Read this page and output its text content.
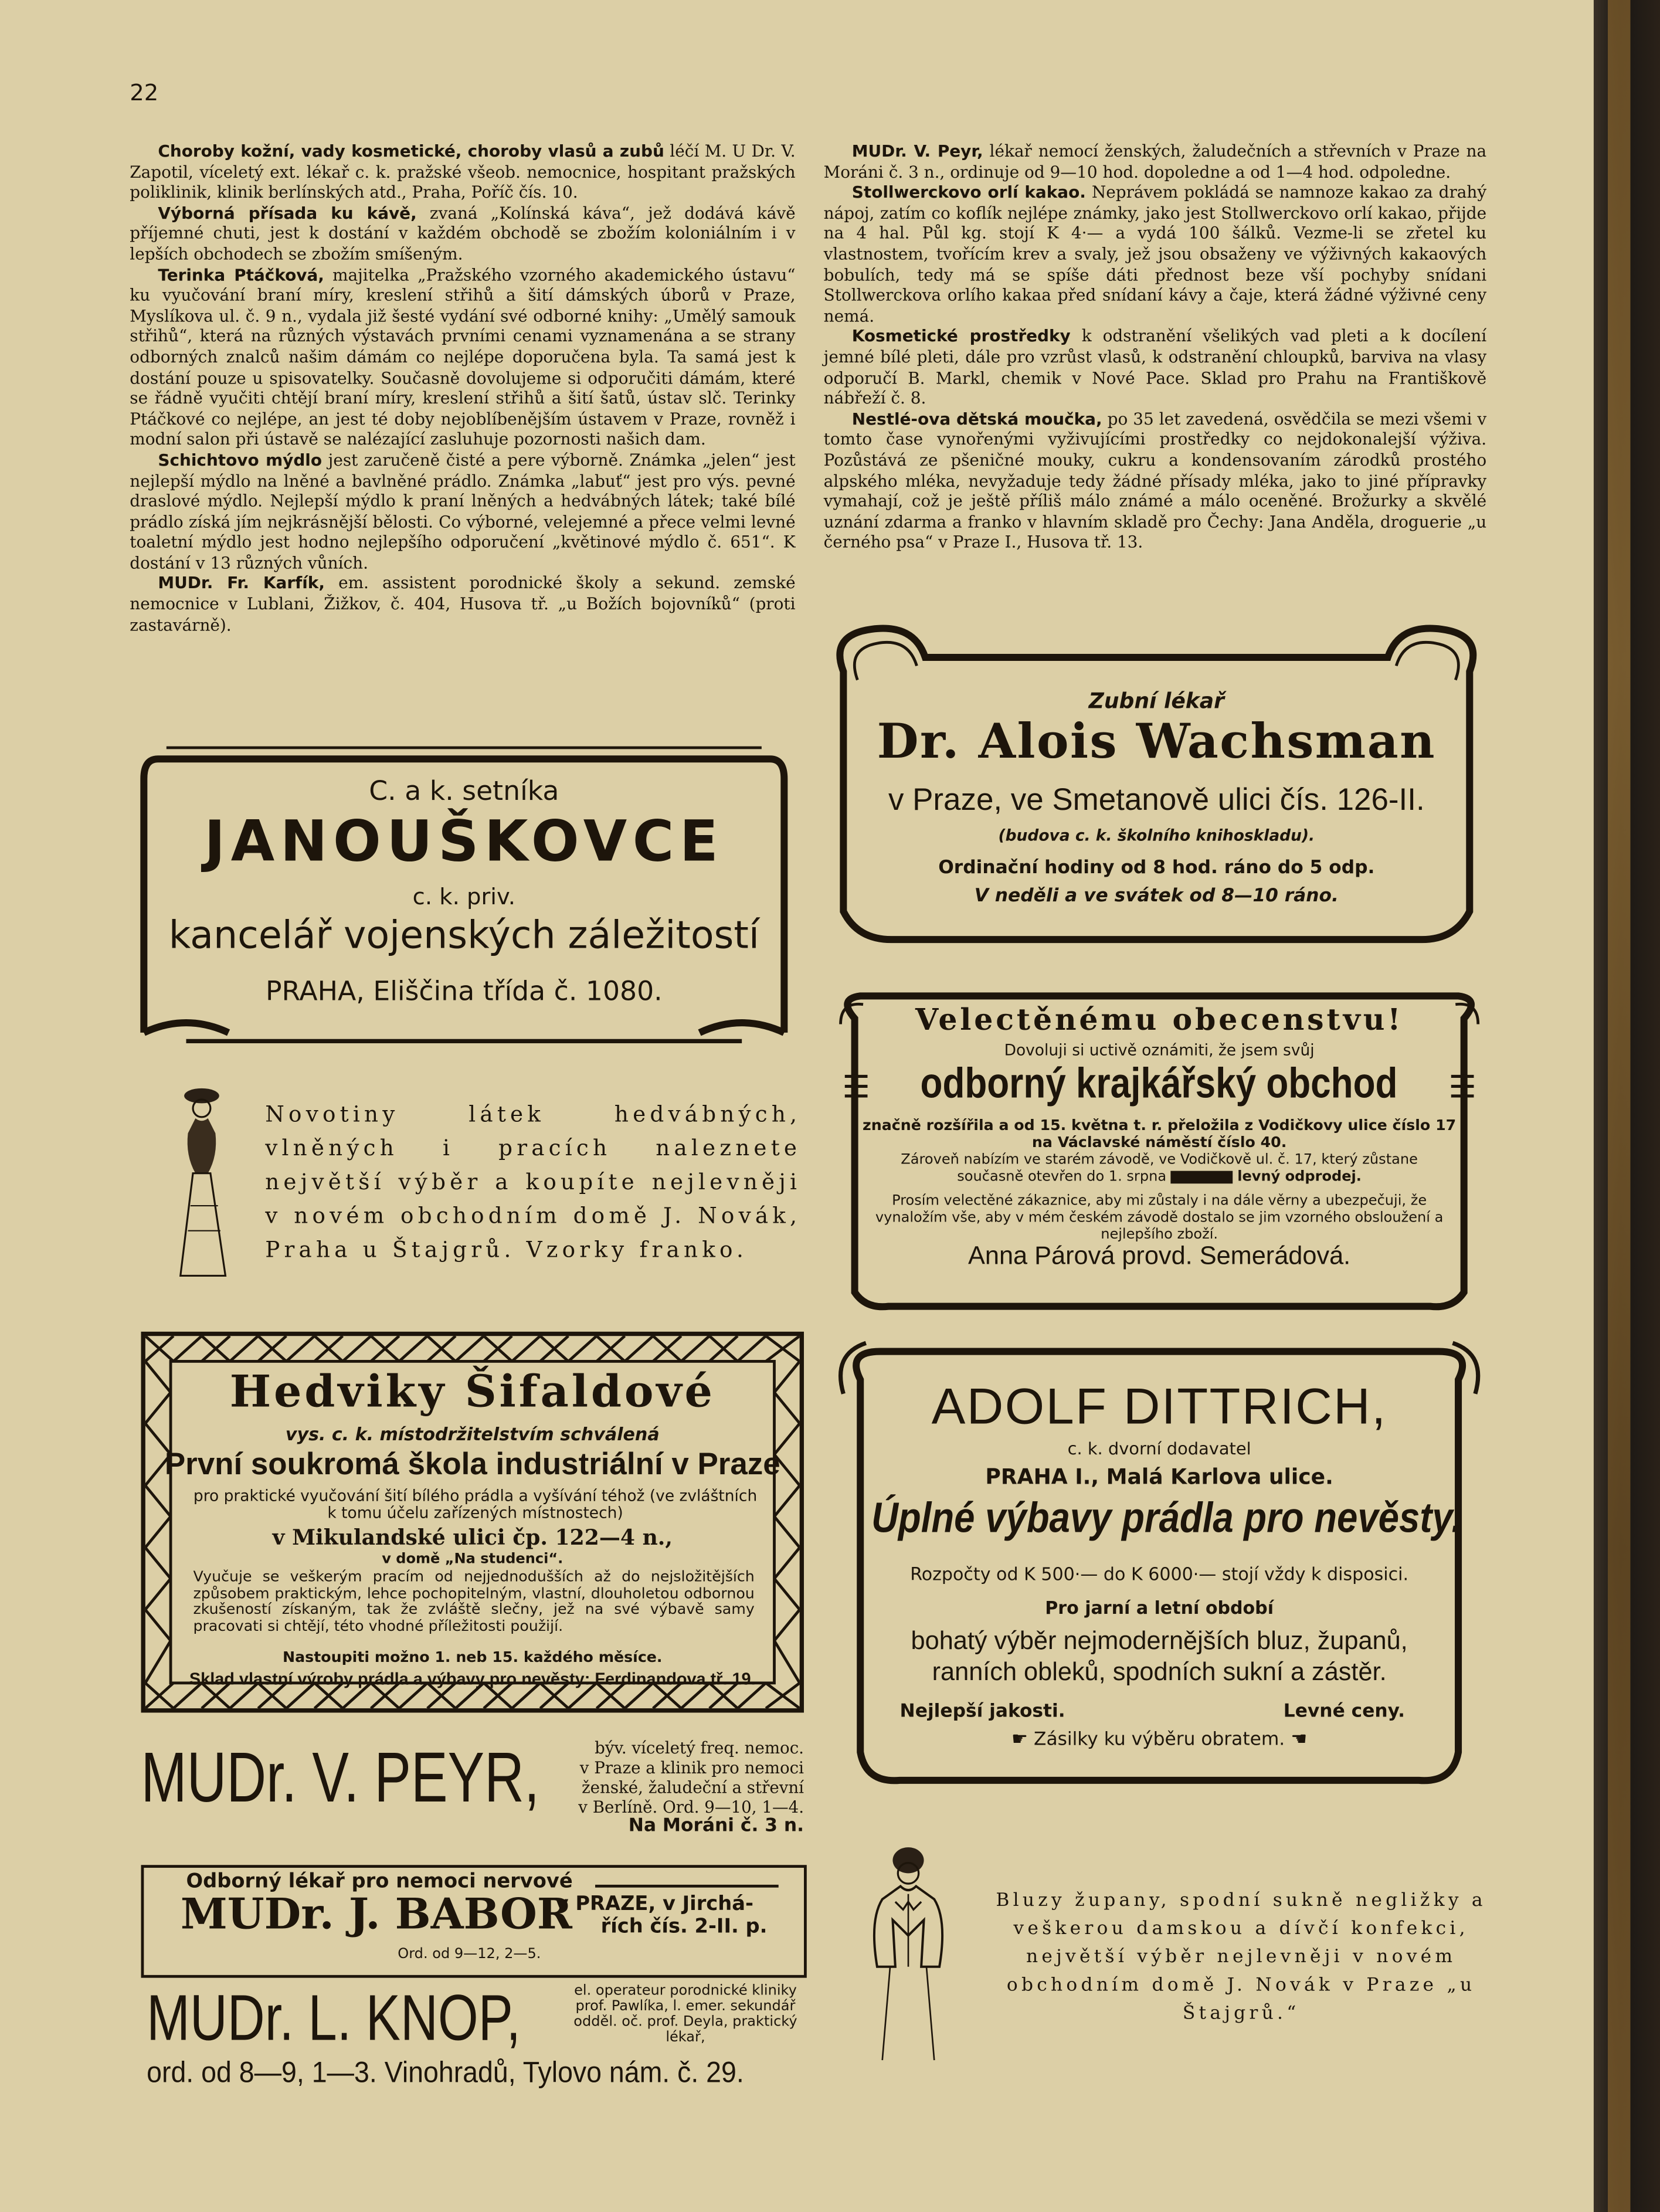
22

Choroby kožní, vady kosmetické, choroby vlasů a zubů léčí M. U Dr. V. Zapotil, víceletý ext. lékař c. k. pražské všeob. nemocnice, hospitant pražských poliklinik, klinik berlínských atd., Praha, Poříč čís. 10.

Výborná přísada ku kávě, zvaná „Kolínská káva“, jež dodává kávě příjemné chuti, jest k dostání v každém obchodě se zbožím koloniálním i v lepších obchodech se zbožím smíšeným.

Terinka Ptáčková, majitelka „Pražského vzorného akademického ústavu“ ku vyučování braní míry, kreslení střihů a šití dámských úborů v Praze, Myslíkova ul. č. 9 n., vydala již šesté vydání své odborné knihy: „Umělý samouk střihů“, která na různých výstavách prvními cenami vyznamenána a se strany odborných znalců našim dámám co nejlépe doporučena byla. Ta samá jest k dostání pouze u spisovatelky. Současně dovolujeme si odporučiti dámám, které se řádně vyučiti chtějí braní míry, kreslení střihů a šití šatů, ústav slč. Terinky Ptáčkové co nejlépe, an jest té doby nejoblíbenějším ústavem v Praze, rovněž i modní salon při ústavě se nalézající zasluhuje pozornosti našich dam.

Schichtovo mýdlo jest zaručeně čisté a pere výborně. Známka „jelen“ jest nejlepší mýdlo na lněné a bavlněné prádlo. Známka „labuť“ jest pro výs. pevné draslové mýdlo. Nejlepší mýdlo k praní lněných a hedvábných látek; také bílé prádlo získá jím nejkrásnější bělosti. Co výborné, velejemné a přece velmi levné toaletní mýdlo jest hodno nejlepšího odporučení „květinové mýdlo č. 651“. K dostání v 13 různých vůních.

MUDr. Fr. Karfík, em. assistent porodnické školy a sekund. zemské nemocnice v Lublani, Žižkov, č. 404, Husova tř. „u Božích bojovníků“ (proti zastavárně).

MUDr. V. Peyr, lékař nemocí ženských, žaludečních a střevních v Praze na Moráni č. 3 n., ordinuje od 9—10 hod. dopoledne a od 1—4 hod. odpoledne.

Stollwerckovo orlí kakao. Neprávem pokládá se namnoze kakao za drahý nápoj, zatím co koflík nejlépe známky, jako jest Stollwerckovo orlí kakao, přijde na 4 hal. Půl kg. stojí K 4·— a vydá 100 šálků. Vezme-li se zřetel ku vlastnostem, tvořícím krev a svaly, jež jsou obsaženy ve výživných kakaových bobulích, tedy má se spíše dáti přednost beze vší pochyby snídani Stollwerckova orlího kakaa před snídaní kávy a čaje, která žádné výživné ceny nemá.

Kosmetické prostředky k odstranění všelikých vad pleti a k docílení jemné bílé pleti, dále pro vzrůst vlasů, k odstranění chloupků, barviva na vlasy odporučí B. Markl, chemik v Nové Pace. Sklad pro Prahu na Františkově nábřeží č. 8.

Nestlé-ova dětská moučka, po 35 let zavedená, osvědčila se mezi všemi v tomto čase vynořenými vyživujícími prostředky co nejdokonalejší výživa. Pozůstává ze pšeničné mouky, cukru a kondensovaním zárodků prostého alpského mléka, nevyžaduje tedy žádné přísady mléka, jako to jiné přípravky vymahají, což je ještě příliš málo známé a málo oceněné. Brožurky a skvělé uznání zdarma a franko v hlavním skladě pro Čechy: Jana Anděla, droguerie „u černého psa“ v Praze I., Husova tř. 13.

C. a k. setníka
JANOUŠKOVCE
c. k. priv.
kancelář vojenských záležitostí
PRAHA, Eliščina třída č. 1080.
Novotiny látek hedvábných, vlněných i pracích naleznete největší výběr a koupíte nejlevněji v novém obchodním domě J. Novák, Praha u Štajgrů. Vzorky franko.
Hedviky Šifaldové
vys. c. k. místodržitelstvím schválená
První soukromá škola industriální v Praze
pro praktické vyučování šití bílého prádla a vyšívání téhož (ve zvláštních k tomu účelu zařízených místnostech)
v Mikulandské ulici čp. 122—4 n.,
v domě „Na studenci“.
Vyučuje se veškerým pracím od nejjednodušších až do nejsložitějších způsobem praktickým, lehce pochopitelným, vlastní, dlouholetou odbornou zkušeností získaným, tak že zvláště slečny, jež na své výbavě samy pracovati si chtějí, této vhodné příležitosti použijí.
Nastoupiti možno 1. neb 15. každého měsíce.
Sklad vlastní výroby prádla a výbavy pro nevěsty: Ferdinandova tř. 19.
MUDr. V. PEYR,	býv. víceletý freq. nemoc.
v Praze a klinik pro nemoci
ženské, žaludeční a střevní
v Berlíně. Ord. 9—10, 1—4.
Na Moráni č. 3 n.
Odborný lékař pro nemoci nervové
MUDr. J. BABOR
v PRAZE, v Jirchá-
řích čís. 2-II. p.
Ord. od 9—12, 2—5.
MUDr. L. KNOP,	el. operateur porodnické kliniky
prof. Pawlíka, l. emer. sekundář
odděl. oč. prof. Deyla, praktický
lékař,
ord. od 8—9, 1—3. Vinohradů, Tylovo nám. č. 29.
Zubní lékař
Dr. Alois Wachsman
v Praze, ve Smetanově ulici čís. 126-II.
(budova c. k. školního knihoskladu).
Ordinační hodiny od 8 hod. ráno do 5 odp.
V neděli a ve svátek od 8—10 ráno.
Velectěnému obecenstvu!
Dovoluji si uctivě oznámiti, že jsem svůj
☰	odborný krajkářský obchod	☰
značně rozšířila a od 15. května t. r. přeložila z Vodičkovy ulice číslo 17
na Václavské náměstí číslo 40.
Zároveň nabízím ve starém závodě, ve Vodičkově ul. č. 17, který zůstane současně otevřen do 1. srpna	levný odprodej.
Prosím velectěné zákaznice, aby mi zůstaly i na dále věrny a ubezpečuji, že vynaložím vše, aby v mém českém závodě dostalo se jim vzorného obsloužení a nejlepšího zboží.
Anna Párová provd. Semerádová.
ADOLF DITTRICH,
c. k. dvorní dodavatel
PRAHA I., Malá Karlova ulice.
Úplné výbavy prádla pro nevěsty.
Rozpočty od K 500·— do K 6000·— stojí vždy k disposici.
Pro jarní a letní období
bohatý výběr nejmodernějších bluz, županů, ranních obleků, spodních sukní a zástěr.
Nejlepší jakosti.	Levné ceny.
☛ Zásilky ku výběru obratem. ☚
Bluzy župany, spodní sukně negližky a veškerou damskou a dívčí konfekci, největší výběr nejlevněji v novém obchodním domě J. Novák v Praze „u Štajgrů.“
